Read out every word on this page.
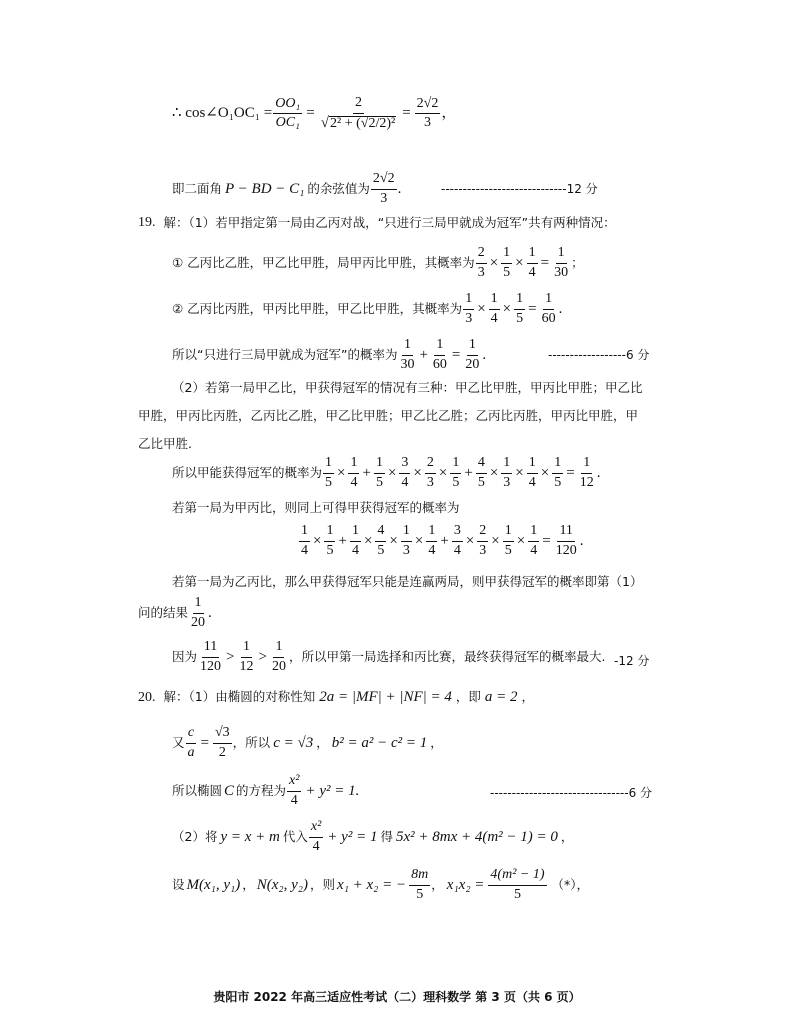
∴ cos∠O₁OC₁ = $\frac{\text{OO₁}}{\text{OC₁}} = \frac{2}{\text{√ 2² + (√2/2)²}} = \frac{2√2}{3}$ ，
即二面角 P − BD − C₁ 的余弦值为 $\frac{2√2}{3}$ .	-----------------------------12 分
19. 解：（1）若甲指定第一局由乙丙对战，“只进行三局甲就成为冠军”共有两种情况：
① 乙丙比乙胜，甲乙比甲胜，局甲丙比甲胜，其概率为 $\frac{2}{3} \times \frac{1}{5} \times \frac{1}{4} = \frac{1}{30}$ ；
② 乙丙比丙胜，甲丙比甲胜，甲乙比甲胜，其概率为 $\frac{1}{3} \times \frac{1}{4} \times \frac{1}{5} = \frac{1}{60}$ .
所以“只进行三局甲就成为冠军”的概率为 $\frac{1}{30} + \frac{1}{60} = \frac{1}{20}$ .	------------------6 分
（2）若第一局甲乙比，甲获得冠军的情况有三种：甲乙比甲胜，甲丙比甲胜；甲乙比
甲胜，甲丙比丙胜，乙丙比乙胜，甲乙比甲胜；甲乙比乙胜；乙丙比丙胜，甲丙比甲胜，甲
乙比甲胜.
所以甲能获得冠军的概率为 $\frac{1}{5} \times \frac{1}{4} + \frac{1}{5} \times \frac{3}{4} \times \frac{2}{3} \times \frac{1}{5} + \frac{4}{5} \times \frac{1}{3} \times \frac{1}{4} \times \frac{1}{5} = \frac{1}{12}$ .
若第一局为甲丙比，则同上可得甲获得冠军的概率为
$\frac{1}{4} \times \frac{1}{5} + \frac{1}{4} \times \frac{4}{5} \times \frac{1}{3} \times \frac{1}{4} + \frac{3}{4} \times \frac{2}{3} \times \frac{1}{5} \times \frac{1}{4} = \frac{11}{120}$ .
若第一局为乙丙比，那么甲获得冠军只能是连赢两局，则甲获得冠军的概率即第（1）
问的结果 $\frac{1}{20}$ .
因为 $\frac{11}{120} > \frac{1}{12} > \frac{1}{20}$ ，所以甲第一局选择和丙比赛，最终获得冠军的概率最大. -12 分
20. 解：（1）由椭圆的对称性知 2a = |MF| + |NF| = 4 ，即 a = 2 ，
又 $\frac{c}{a} = \frac{√3}{2}$ ，所以 c = √3 ， b² = a² − c² = 1 ，
所以椭圆 C 的方程为 $\frac{\text{x²}}{4} + y^2 = 1$.	--------------------------------6 分
（2）将 y = x + m 代入 $\frac{\text{x²}}{4} + y^2 = 1$ 得 5x² + 8mx + 4(m² − 1) = 0 ，
设 M(x₁, y₁) ， N(x₂, y₂) ，则 x₁ + x₂ = − $\frac{8m}{5}$ ， $x_1x_2 = \frac{\text{4(m² − 1)}}{5}$ （*），
贵阳市 2022 年高三适应性考试（二）理科数学 第 3 页（共 6 页）
